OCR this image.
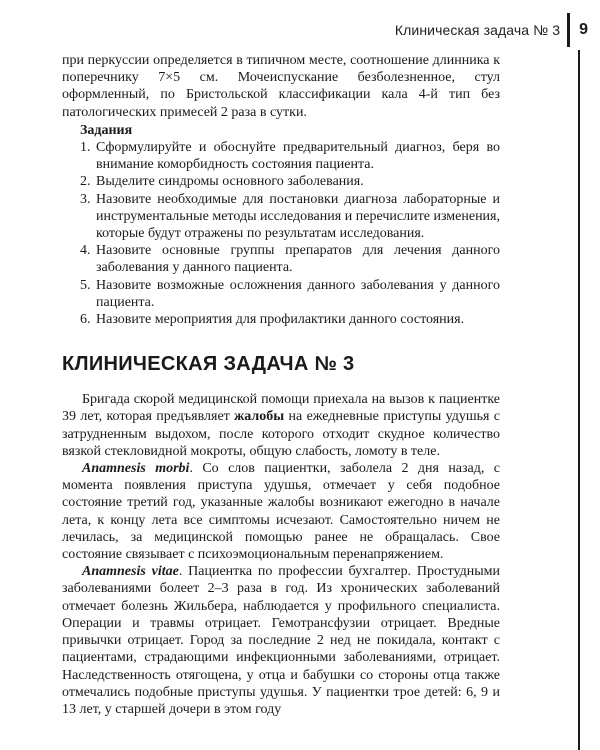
Клиническая задача № 3 9

при перкуссии определяется в типичном месте, соотношение длинника к поперечнику 7×5 см. Мочеиспускание безболезненное, стул оформленный, по Бристольской классификации кала 4-й тип без патологических примесей 2 раза в сутки.

Задания

1. Сформулируйте и обоснуйте предварительный диагноз, беря во внимание коморбидность состояния пациента.
2. Выделите синдромы основного заболевания.
3. Назовите необходимые для постановки диагноза лабораторные и инструментальные методы исследования и перечислите изменения, которые будут отражены по результатам исследования.
4. Назовите основные группы препаратов для лечения данного заболевания у данного пациента.
5. Назовите возможные осложнения данного заболевания у данного пациента.
6. Назовите мероприятия для профилактики данного состояния.

КЛИНИЧЕСКАЯ ЗАДАЧА № 3

Бригада скорой медицинской помощи приехала на вызов к пациентке 39 лет, которая предъявляет жалобы на ежедневные приступы удушья с затрудненным выдохом, после которого отходит скудное количество вязкой стекловидной мокроты, общую слабость, ломоту в теле.

Anamnesis morbi. Со слов пациентки, заболела 2 дня назад, с момента появления приступа удушья, отмечает у себя подобное состояние третий год, указанные жалобы возникают ежегодно в начале лета, к концу лета все симптомы исчезают. Самостоятельно ничем не лечилась, за медицинской помощью ранее не обращалась. Свое состояние связывает с психоэмоциональным перенапряжением.

Anamnesis vitae. Пациентка по профессии бухгалтер. Простудными заболеваниями болеет 2–3 раза в год. Из хронических заболеваний отмечает болезнь Жильбера, наблюдается у профильного специалиста. Операции и травмы отрицает. Гемотрансфузии отрицает. Вредные привычки отрицает. Город за последние 2 нед не покидала, контакт с пациентами, страдающими инфекционными заболеваниями, отрицает. Наследственность отягощена, у отца и бабушки со стороны отца также отмечались подобные приступы удушья. У пациентки трое детей: 6, 9 и 13 лет, у старшей дочери в этом году
